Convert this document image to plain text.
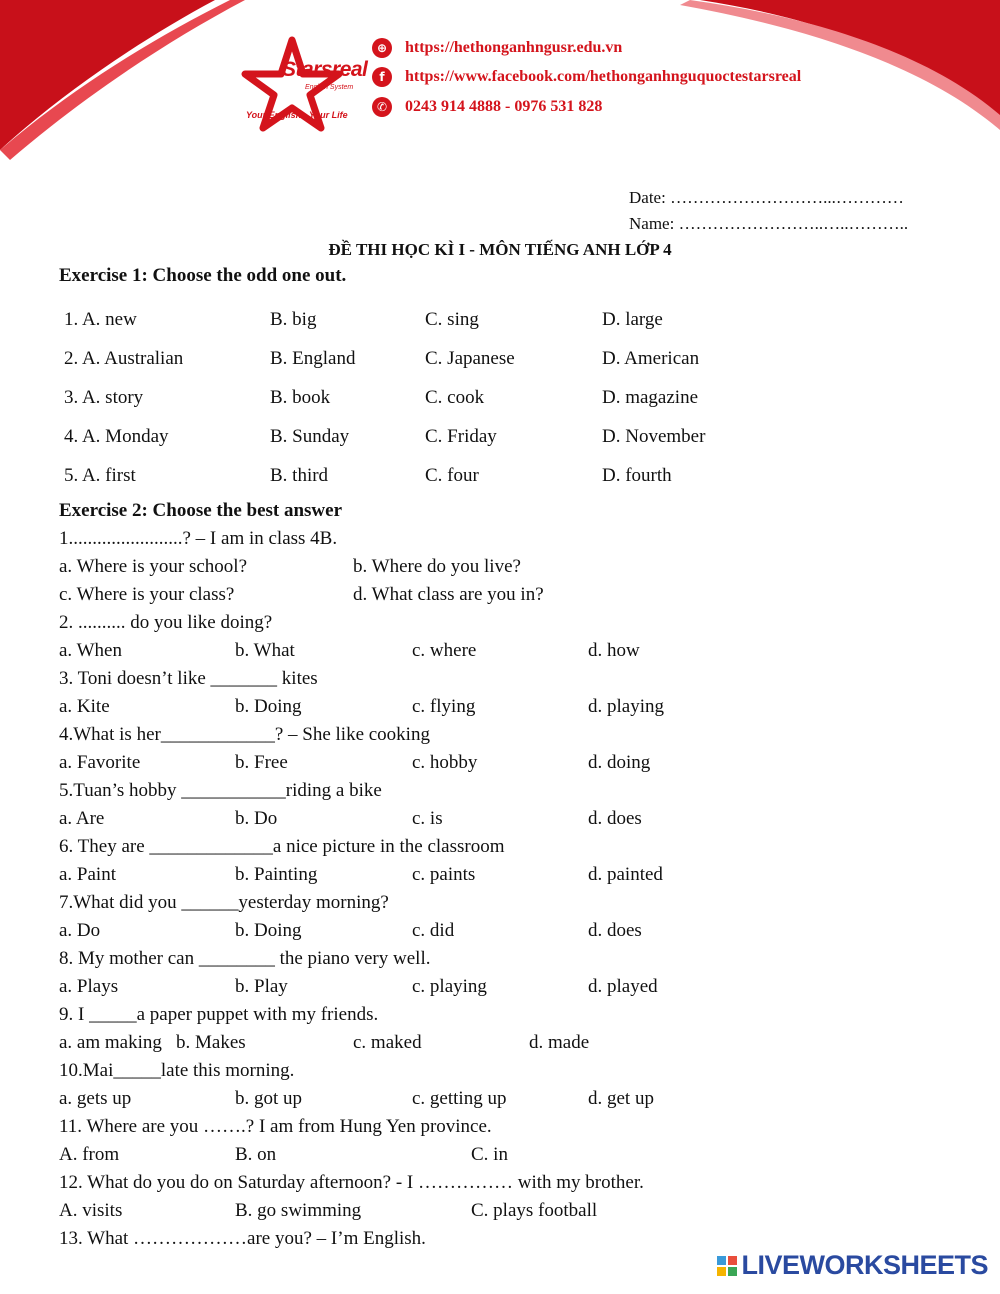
Starsreal
English System
Your English - Your Life
⊕	https://hethonganhngusr.edu.vn
f	https://www.facebook.com/hethonganhnguquoctestarsreal
✆	0243 914 4888 - 0976 531 828
Date: ………………………...…………
Name: ……………………..…..………..
ĐỀ THI HỌC KÌ I - MÔN TIẾNG ANH LỚP 4
Exercise 1: Choose the odd one out.
1. A. new	B. big	C. sing	D. large
2. A. Australian	B. England	C. Japanese	D. American
3. A. story	B. book	C. cook	D. magazine
4. A. Monday	B. Sunday	C. Friday	D. November
5. A. first	B. third	C. four	D. fourth
Exercise 2: Choose the best answer
1........................? – I am in class 4B.
a. Where is your school?	b. Where do you live?
c. Where is your class?	d. What class are you in?
2. .......... do you like doing?
a. When	b. What	c. where	d. how
3. Toni doesn’t like _______ kites
a. Kite	b. Doing	c. flying	d. playing
4.What is her____________? – She like cooking
a. Favorite	b. Free	c. hobby	d. doing
5.Tuan’s hobby ___________riding a bike
a. Are	b. Do	c. is	d. does
6. They are _____________a nice picture in the classroom
a. Paint	b. Painting	c. paints	d. painted
7.What did you ______yesterday morning?
a. Do	b. Doing	c. did	d. does
8. My mother can ________ the piano very well.
a. Plays	b. Play	c. playing	d. played
9. I _____a paper puppet with my friends.
a. am making b. Makes	c. maked	d. made
10.Mai_____late this morning.
a. gets up	b. got up	c. getting up	d. get up
11. Where are you …….? I am from Hung Yen province.
A. from	B. on	C. in
12. What do you do on Saturday afternoon? - I …………… with my brother.
A. visits	B. go swimming	C. plays football
13. What ………………are you? – I’m English.
LIVEWORKSHEETS
